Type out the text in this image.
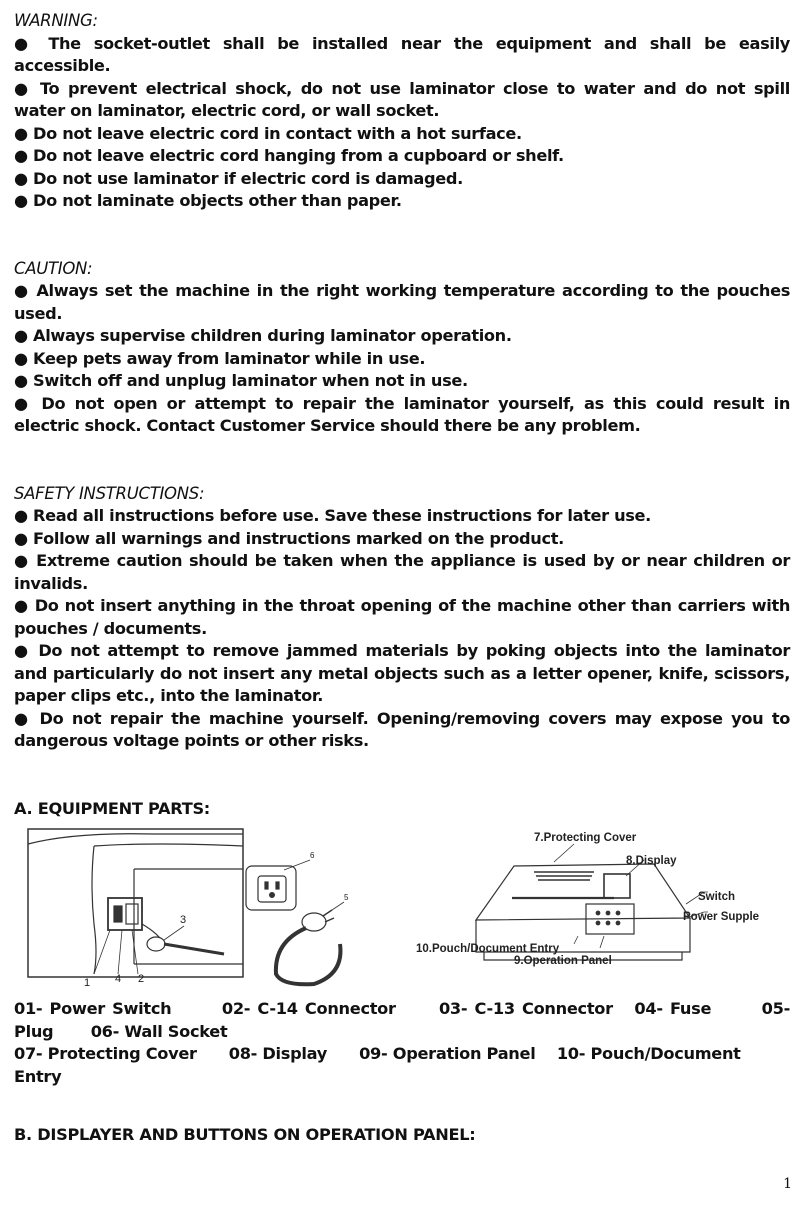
WARNING:

● The socket-outlet shall be installed near the equipment and shall be easily accessible.

● To prevent electrical shock, do not use laminator close to water and do not spill water on laminator, electric cord, or wall socket.

● Do not leave electric cord in contact with a hot surface.

● Do not leave electric cord hanging from a cupboard or shelf.

● Do not use laminator if electric cord is damaged.

● Do not laminate objects other than paper.

CAUTION:

● Always set the machine in the right working temperature according to the pouches used.

● Always supervise children during laminator operation.

● Keep pets away from laminator while in use.

● Switch off and unplug laminator when not in use.

● Do not open or attempt to repair the laminator yourself, as this could result in electric shock. Contact Customer Service should there be any problem.

SAFETY INSTRUCTIONS:

● Read all instructions before use. Save these instructions for later use.

● Follow all warnings and instructions marked on the product.

● Extreme caution should be taken when the appliance is used by or near children or invalids.

● Do not insert anything in the throat opening of the machine other than carriers with pouches / documents.

● Do not attempt to remove jammed materials by poking objects into the laminator and particularly do not insert any metal objects such as a letter opener, knife, scissors, paper clips etc., into the laminator.

● Do not repair the machine yourself. Opening/removing covers may expose you to dangerous voltage points or other risks.

A. EQUIPMENT PARTS:

1 4 2
3
6
5
7.Protecting Cover
8.Display
Switch
Power Supple
10.Pouch/Document Entry
9.Operation Panel

01- Power Switch	02- C-14 Connector	03- C-13 Connector 04- Fuse	05- Plug 06- Wall Socket

07- Protecting Cover 08- Display 09- Operation Panel 10- Pouch/Document Entry

B. DISPLAYER AND BUTTONS ON OPERATION PANEL:

1
